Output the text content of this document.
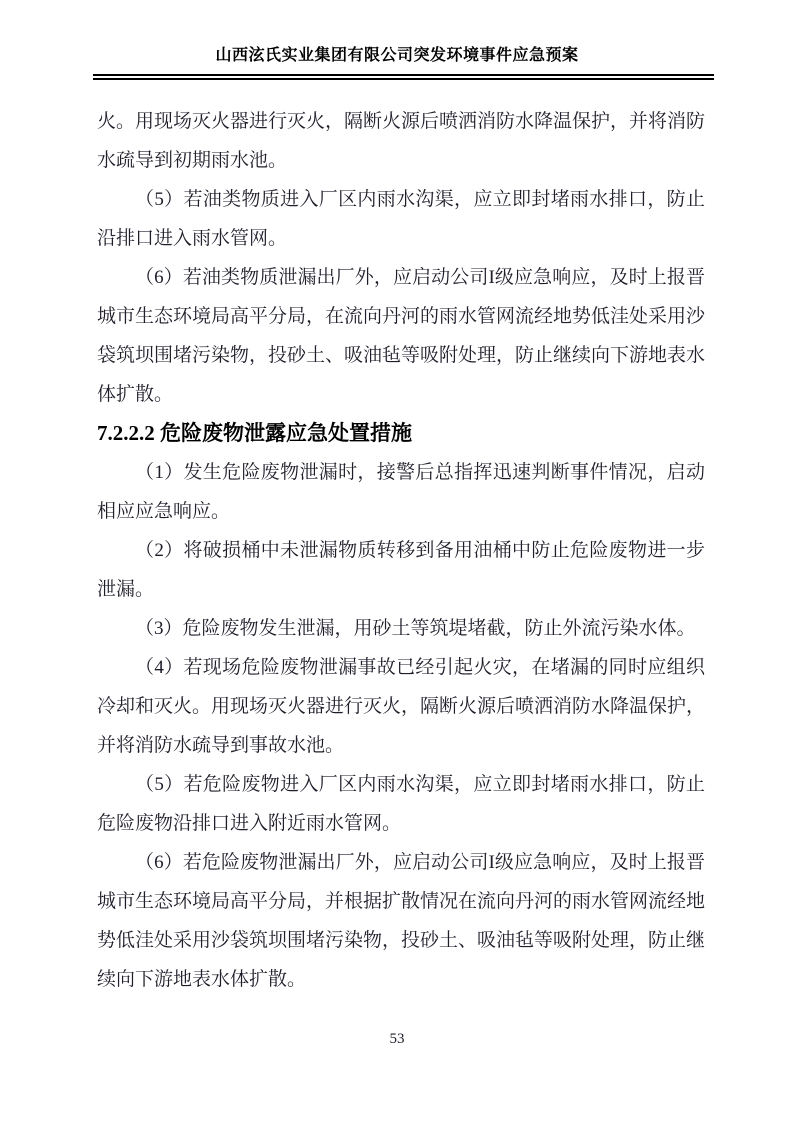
山西泫氏实业集团有限公司突发环境事件应急预案

火。用现场灭火器进行灭火，隔断火源后喷洒消防水降温保护，并将消防水疏导到初期雨水池。

（5）若油类物质进入厂区内雨水沟渠，应立即封堵雨水排口，防止沿排口进入雨水管网。

（6）若油类物质泄漏出厂外，应启动公司I级应急响应，及时上报晋城市生态环境局高平分局，在流向丹河的雨水管网流经地势低洼处采用沙袋筑坝围堵污染物，投砂土、吸油毡等吸附处理，防止继续向下游地表水体扩散。

7.2.2.2 危险废物泄露应急处置措施

（1）发生危险废物泄漏时，接警后总指挥迅速判断事件情况，启动相应应急响应。

（2）将破损桶中未泄漏物质转移到备用油桶中防止危险废物进一步泄漏。

（3）危险废物发生泄漏，用砂土等筑堤堵截，防止外流污染水体。

（4）若现场危险废物泄漏事故已经引起火灾，在堵漏的同时应组织冷却和灭火。用现场灭火器进行灭火，隔断火源后喷洒消防水降温保护，并将消防水疏导到事故水池。

（5）若危险废物进入厂区内雨水沟渠，应立即封堵雨水排口，防止危险废物沿排口进入附近雨水管网。

（6）若危险废物泄漏出厂外，应启动公司I级应急响应，及时上报晋城市生态环境局高平分局，并根据扩散情况在流向丹河的雨水管网流经地势低洼处采用沙袋筑坝围堵污染物，投砂土、吸油毡等吸附处理，防止继续向下游地表水体扩散。

53
